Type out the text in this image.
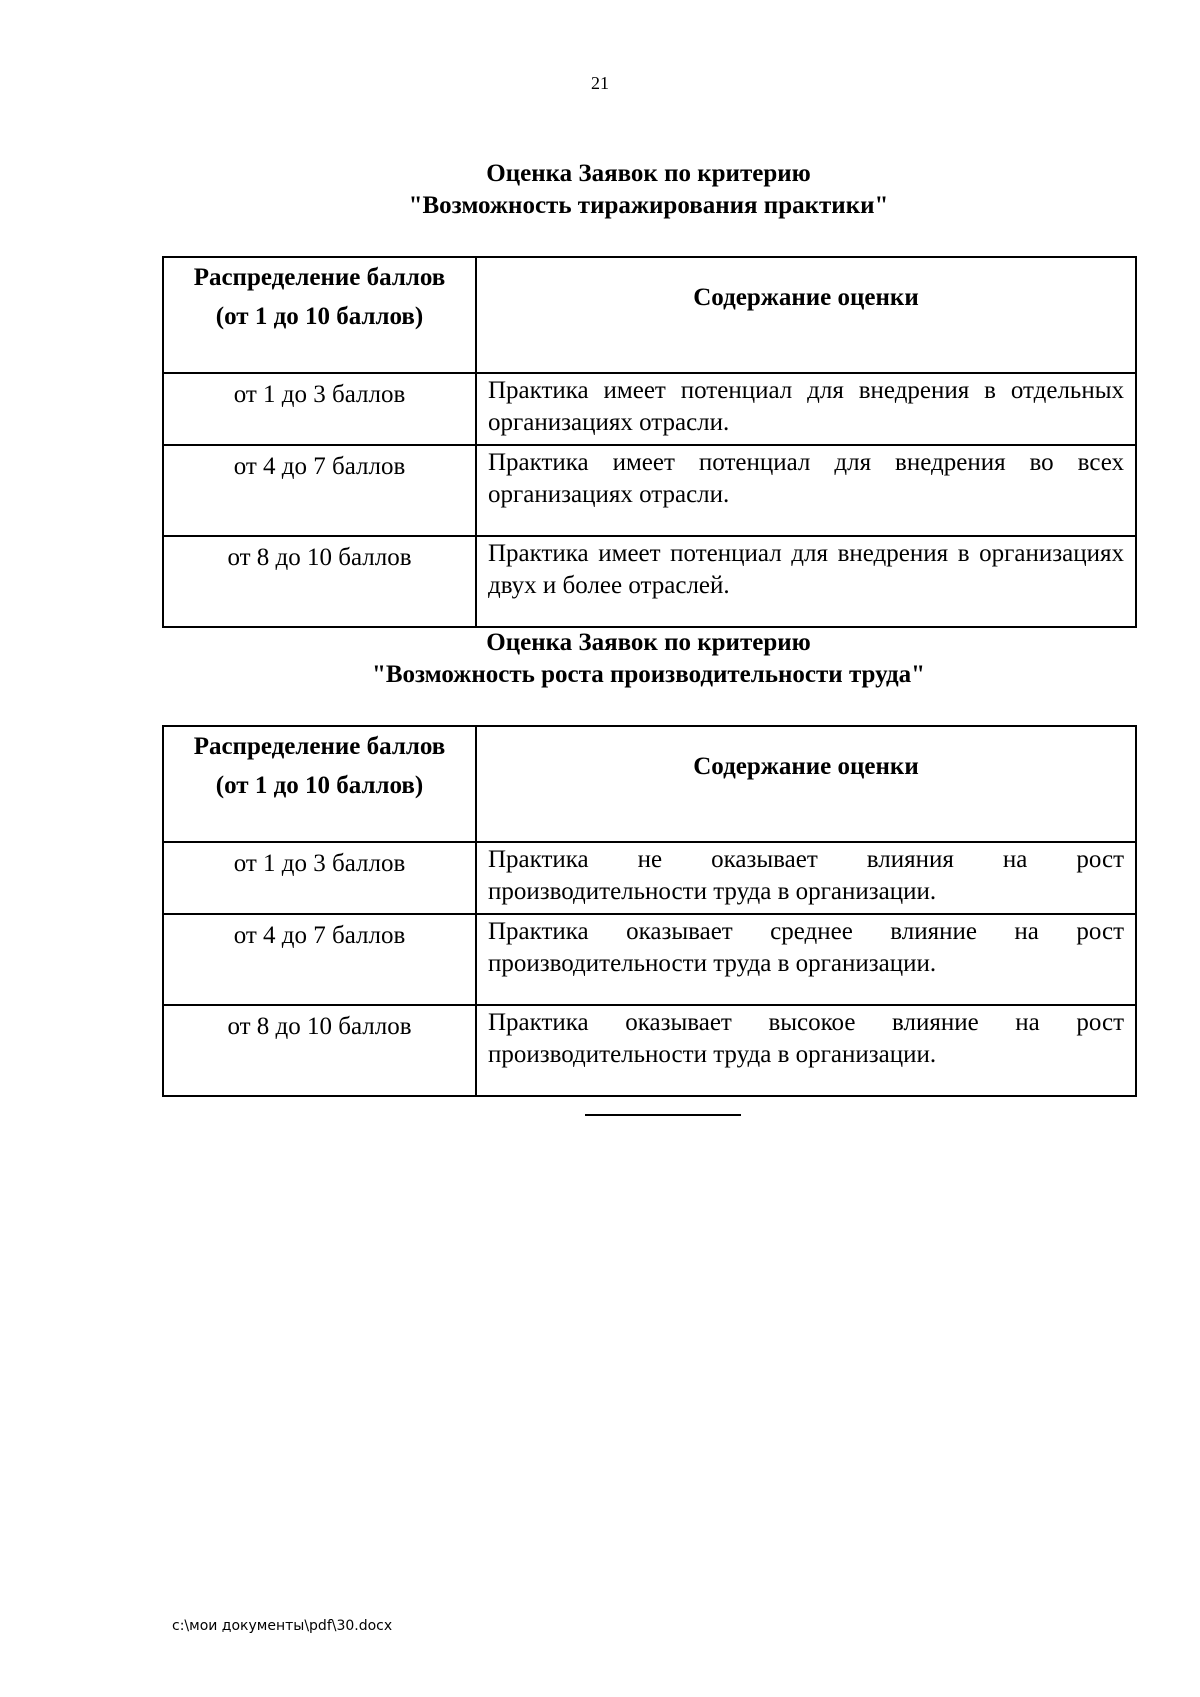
21

Оценка Заявок по критерию
"Возможность тиражирования практики"

Распределение баллов
(от 1 до 10 баллов)	Содержание оценки
от 1 до 3 баллов	Практика имеет потенциал для внедрения в отдельных организациях отрасли.
от 4 до 7 баллов	Практика имеет потенциал для внедрения во всех организациях отрасли.
от 8 до 10 баллов	Практика имеет потенциал для внедрения в организациях двух и более отраслей.

Оценка Заявок по критерию
"Возможность роста производительности труда"

Распределение баллов
(от 1 до 10 баллов)	Содержание оценки
от 1 до 3 баллов	Практика не оказывает влияния на рост производительности труда в организации.
от 4 до 7 баллов	Практика оказывает среднее влияние на рост производительности труда в организации.
от 8 до 10 баллов	Практика оказывает высокое влияние на рост производительности труда в организации.
c:\мои документы\pdf\30.docx
